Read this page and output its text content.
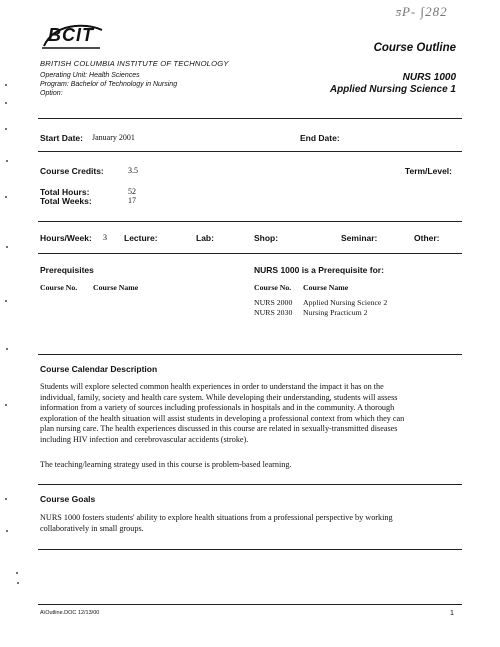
ƽP- ∫282
BCIT
BRITISH COLUMBIA INSTITUTE OF TECHNOLOGY
Operating Unit: Health Sciences
Program: Bachelor of Technology in Nursing
Option:
Course Outline
NURS 1000
Applied Nursing Science 1
Start Date: January 2001	End Date:
Course Credits:	3.5	Term/Level:
Total Hours:	52
Total Weeks:	17
Hours/Week: 3 Lecture:	Lab:	Shop:	Seminar:	Other:
Prerequisites
Course No. Course Name
NURS 1000 is a Prerequisite for:
Course No. Course Name
NURS 2000 Applied Nursing Science 2
NURS 2030 Nursing Practicum 2
Course Calendar Description
Students will explore selected common health experiences in order to understand the impact it has on the
individual, family, society and health care system. While developing their understanding, students will assess
information from a variety of sources including professionals in hospitals and in the community. A thorough
exploration of the health situation will assist students in developing a professional context from which they can
plan nursing care. The health experiences discussed in this course are related in sexually-transmitted diseases
including HIV infection and cerebrovascular accidents (stroke).
The teaching/learning strategy used in this course is problem-based learning.
Course Goals
NURS 1000 fosters students' ability to explore health situations from a professional perspective by working
collaboratively in small groups.
A\Outline.DOC 12/13/00	1
